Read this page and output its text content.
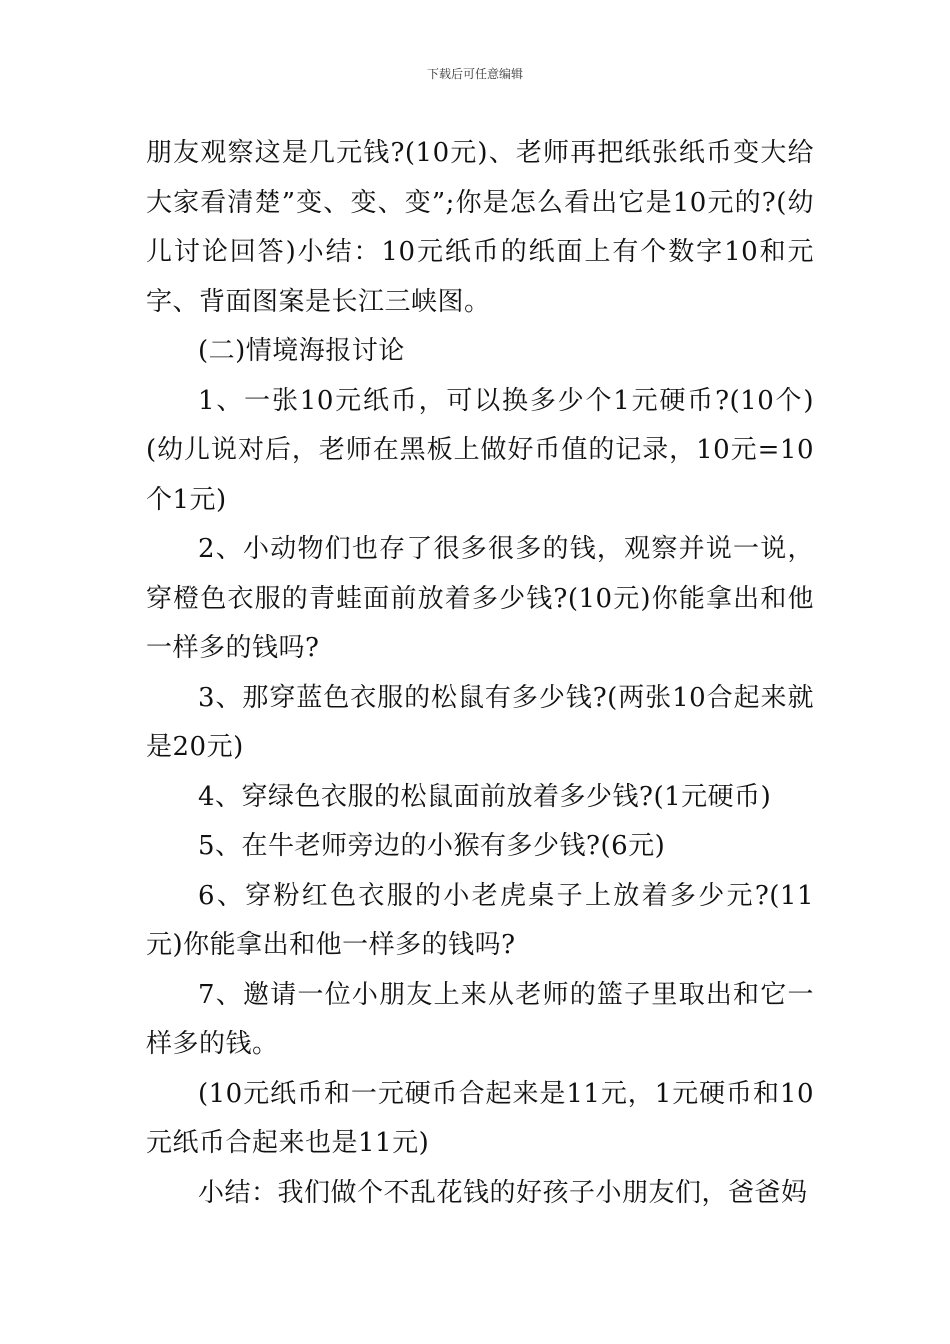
下载后可任意编辑

朋友观察这是几元钱?(10元)、老师再把纸张纸币变大给大家看清楚”变、变、变”;你是怎么看出它是10元的?(幼儿讨论回答)小结：10元纸币的纸面上有个数字10和元字、背面图案是长江三峡图。

(二)情境海报讨论

1、一张10元纸币，可以换多少个1元硬币?(10个)(幼儿说对后，老师在黑板上做好币值的记录，10元=10个1元)

2、小动物们也存了很多很多的钱，观察并说一说，穿橙色衣服的青蛙面前放着多少钱?(10元)你能拿出和他一样多的钱吗?

3、那穿蓝色衣服的松鼠有多少钱?(两张10合起来就是20元)

4、穿绿色衣服的松鼠面前放着多少钱?(1元硬币)

5、在牛老师旁边的小猴有多少钱?(6元)

6、穿粉红色衣服的小老虎桌子上放着多少元?(11元)你能拿出和他一样多的钱吗?

7、邀请一位小朋友上来从老师的篮子里取出和它一样多的钱。

(10元纸币和一元硬币合起来是11元，1元硬币和10元纸币合起来也是11元)

小结：我们做个不乱花钱的好孩子小朋友们，爸爸妈
